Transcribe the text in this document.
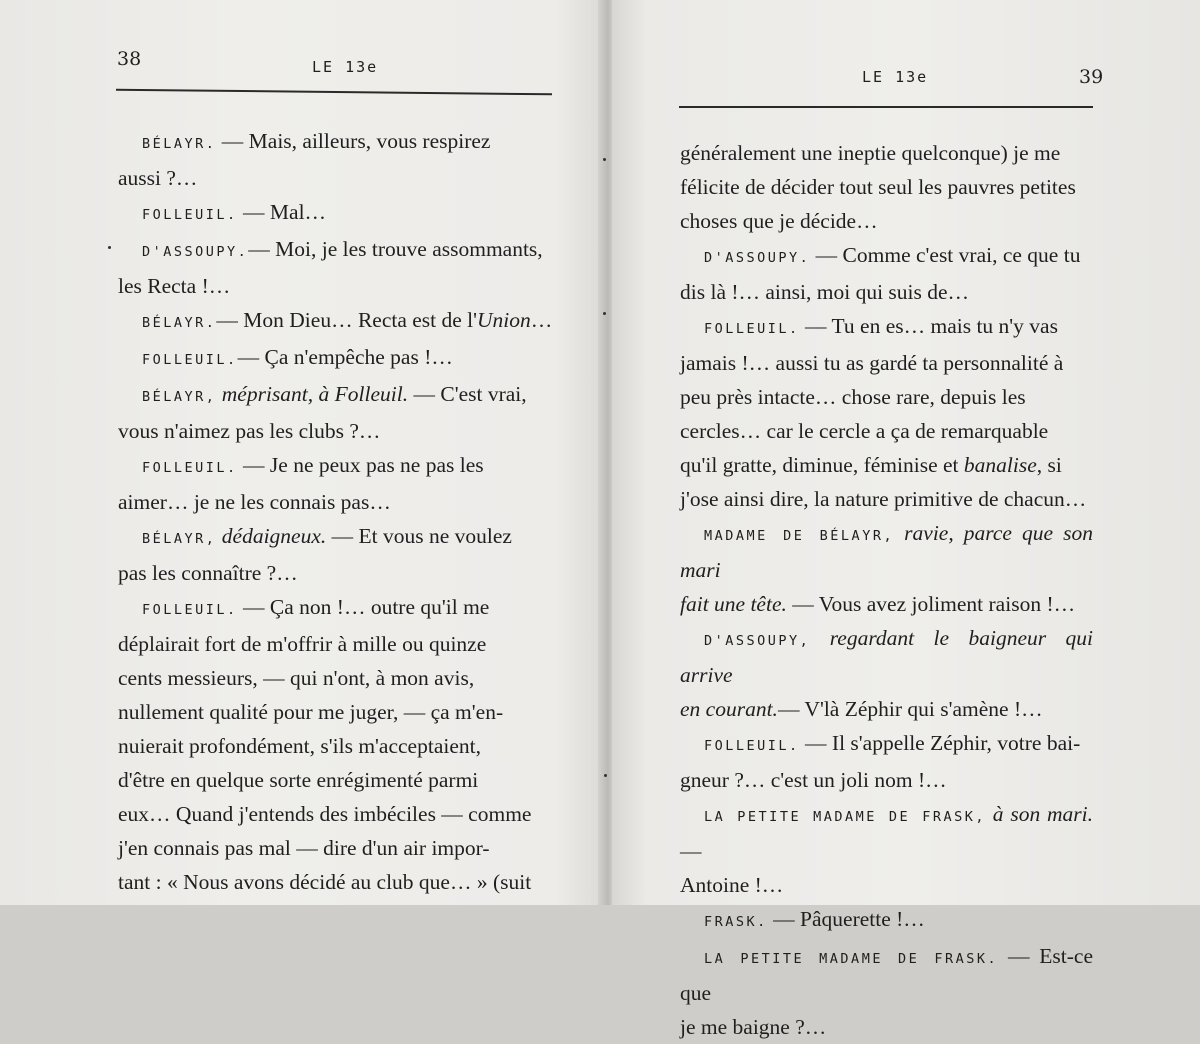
38	LE 13e

BÉLAYR. — Mais, ailleurs, vous respirez

aussi ?…

FOLLEUIL. — Mal…

D'ASSOUPY.— Moi, je les trouve assommants,

les Recta !…

BÉLAYR.— Mon Dieu… Recta est de l'Union…

FOLLEUIL.— Ça n'empêche pas !…

BÉLAYR, méprisant, à Folleuil. — C'est vrai,

vous n'aimez pas les clubs ?…

FOLLEUIL. — Je ne peux pas ne pas les

aimer… je ne les connais pas…

BÉLAYR, dédaigneux. — Et vous ne voulez

pas les connaître ?…

FOLLEUIL. — Ça non !… outre qu'il me

déplairait fort de m'offrir à mille ou quinze

cents messieurs, — qui n'ont, à mon avis,

nullement qualité pour me juger, — ça m'en-

nuierait profondément, s'ils m'acceptaient,

d'être en quelque sorte enrégimenté parmi

eux… Quand j'entends des imbéciles — comme

j'en connais pas mal — dire d'un air impor-

tant : « Nous avons décidé au club que… » (suit

LE 13e	39

généralement une ineptie quelconque) je me

félicite de décider tout seul les pauvres petites

choses que je décide…

D'ASSOUPY. — Comme c'est vrai, ce que tu

dis là !… ainsi, moi qui suis de…

FOLLEUIL. — Tu en es… mais tu n'y vas

jamais !… aussi tu as gardé ta personnalité à

peu près intacte… chose rare, depuis les

cercles… car le cercle a ça de remarquable

qu'il gratte, diminue, féminise et banalise, si

j'ose ainsi dire, la nature primitive de chacun…

MADAME DE BÉLAYR, ravie, parce que son mari

fait une tête. — Vous avez joliment raison !…

D'ASSOUPY, regardant le baigneur qui arrive

en courant.— V'là Zéphir qui s'amène !…

FOLLEUIL. — Il s'appelle Zéphir, votre bai-

gneur ?… c'est un joli nom !…

LA PETITE MADAME DE FRASK, à son mari.—

Antoine !…

FRASK. — Pâquerette !…

LA PETITE MADAME DE FRASK. — Est-ce que

je me baigne ?…
